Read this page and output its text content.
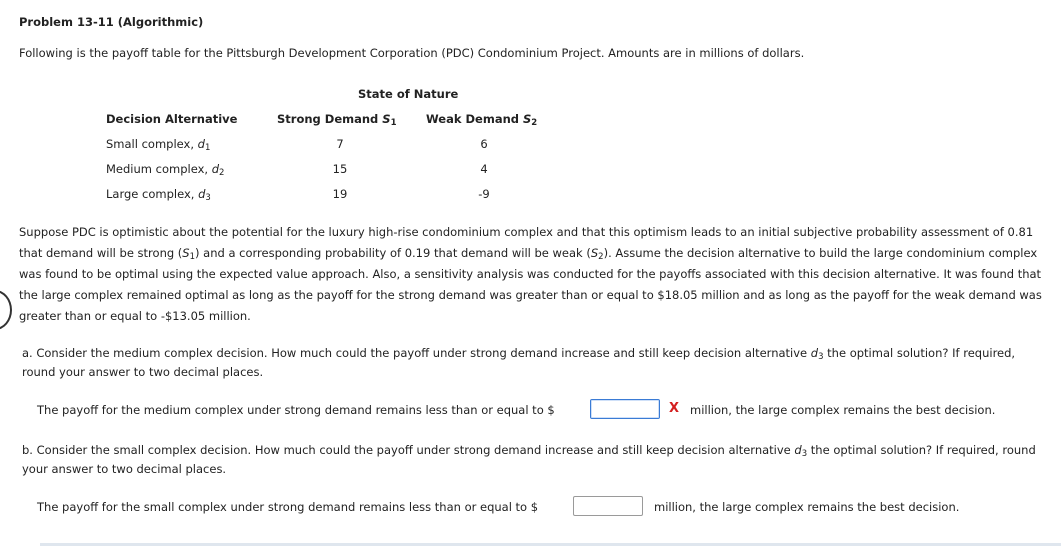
Problem 13-11 (Algorithmic)
Following is the payoff table for the Pittsburgh Development Corporation (PDC) Condominium Project. Amounts are in millions of dollars.
State of Nature
Decision Alternative	Strong Demand $S_1$	Weak Demand $S_2$
Small complex, $d_1$	7	6
Medium complex, $d_2$	15	4
Large complex, $d_3$	19	-9
Suppose PDC is optimistic about the potential for the luxury high-rise condominium complex and that this optimism leads to an initial subjective probability assessment of 0.81 that demand will be strong $(S_1)$ and a corresponding probability of 0.19 that demand will be weak $(S_2)$. Assume the decision alternative to build the large condominium complex was found to be optimal using the expected value approach. Also, a sensitivity analysis was conducted for the payoffs associated with this decision alternative. It was found that the large complex remained optimal as long as the payoff for the strong demand was greater than or equal to $18.05 million and as long as the payoff for the weak demand was greater than or equal to -$13.05 million.
a. Consider the medium complex decision. How much could the payoff under strong demand increase and still keep decision alternative $d_3$ the optimal solution? If required, round your answer to two decimal places.
The payoff for the medium complex under strong demand remains less than or equal to $	X million, the large complex remains the best decision.
b. Consider the small complex decision. How much could the payoff under strong demand increase and still keep decision alternative $d_3$ the optimal solution? If required, round your answer to two decimal places.
The payoff for the small complex under strong demand remains less than or equal to $	million, the large complex remains the best decision.
